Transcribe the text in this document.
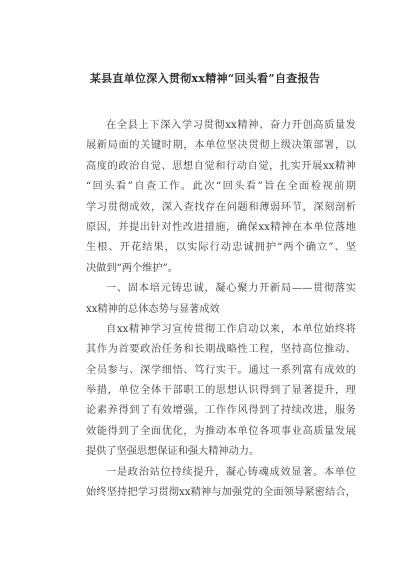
某县直单位深入贯彻xx精神“回头看”自查报告
在全县上下深入学习贯彻xx精神、奋力开创高质量发
展新局面的关键时期，本单位坚决贯彻上级决策部署，以
高度的政治自觉、思想自觉和行动自觉，扎实开展xx精神
“回头看”自查工作。此次“回头看”旨在全面检视前期
学习贯彻成效，深入查找存在问题和薄弱环节，深刻剖析
原因，并提出针对性改进措施，确保xx精神在本单位落地
生根、开花结果，以实际行动忠诚拥护“两个确立”、坚
决做到“两个维护”。
一、固本培元铸忠诚，凝心聚力开新局——贯彻落实
xx精神的总体态势与显著成效
自xx精神学习宣传贯彻工作启动以来，本单位始终将
其作为首要政治任务和长期战略性工程，坚持高位推动、
全员参与、深学细悟、笃行实干。通过一系列富有成效的
举措，单位全体干部职工的思想认识得到了显著提升，理
论素养得到了有效增强，工作作风得到了持续改进，服务
效能得到了全面优化，为推动本单位各项事业高质量发展
提供了坚强思想保证和强大精神动力。
一是政治站位持续提升，凝心铸魂成效显著。本单位
始终坚持把学习贯彻xx精神与加强党的全面领导紧密结合，
